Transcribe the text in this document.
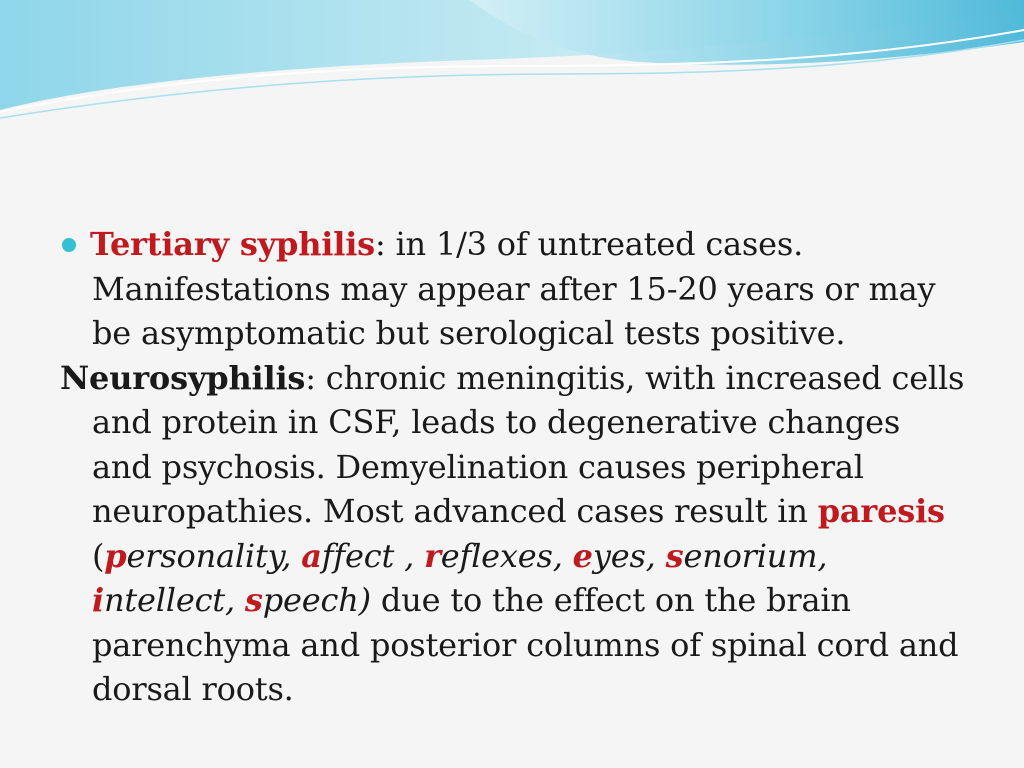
Tertiary syphilis: in 1/3 of untreated cases. Manifestations may appear after 15-20 years or may be asymptomatic but serological tests positive.
Neurosyphilis: chronic meningitis, with increased cells and protein in CSF, leads to degenerative changes and psychosis. Demyelination causes peripheral neuropathies. Most advanced cases result in paresis
(personality, affect , reflexes, eyes, senorium, intellect, speech) due to the effect on the brain parenchyma and posterior columns of spinal cord and dorsal roots.
